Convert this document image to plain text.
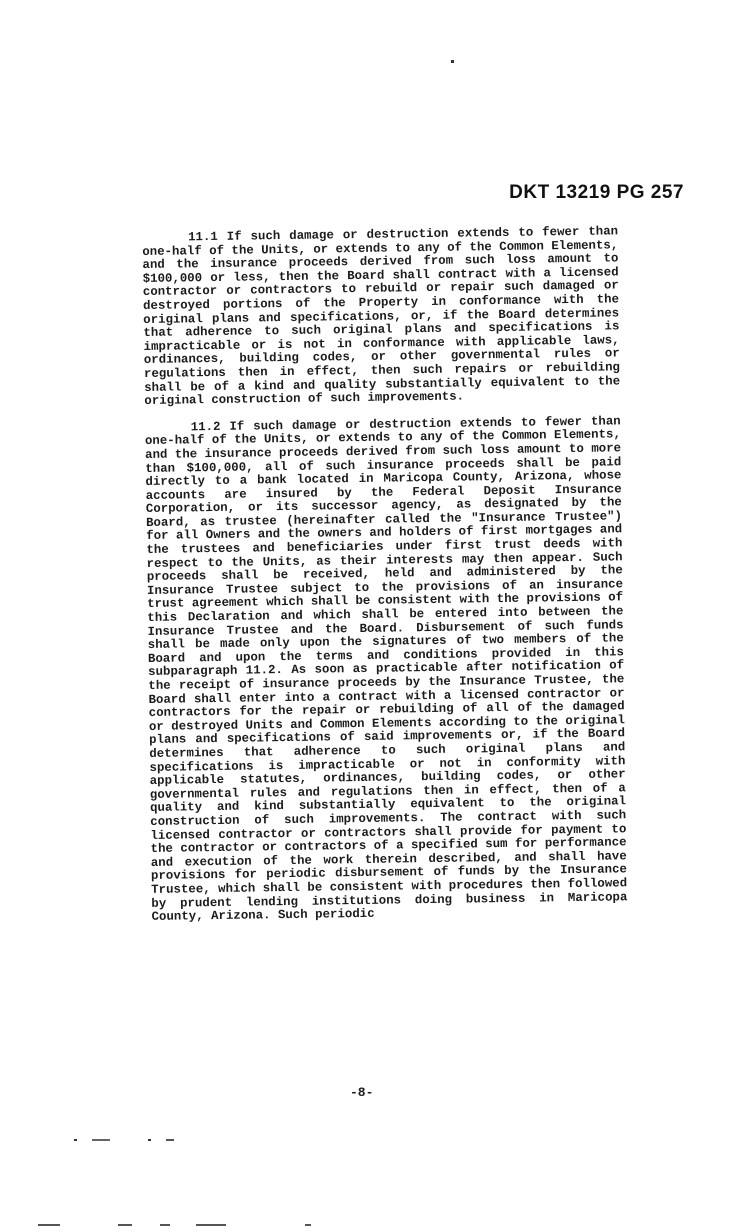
DKT 13219 PG 257

11.1 If such damage or destruction extends to fewer than one-half of the Units, or extends to any of the Common Elements, and the insurance proceeds derived from such loss amount to $100,000 or less, then the Board shall contract with a licensed contractor or contractors to rebuild or repair such damaged or destroyed portions of the Property in conformance with the original plans and specifications, or, if the Board determines that adherence to such original plans and specifications is impracticable or is not in conformance with applicable laws, ordinances, building codes, or other governmental rules or regulations then in effect, then such repairs or rebuilding shall be of a kind and quality substantially equivalent to the original construction of such improvements.

11.2 If such damage or destruction extends to fewer than one-half of the Units, or extends to any of the Common Elements, and the insurance proceeds derived from such loss amount to more than $100,000, all of such insurance proceeds shall be paid directly to a bank located in Maricopa County, Arizona, whose accounts are insured by the Federal Deposit Insurance Corporation, or its successor agency, as designated by the Board, as trustee (hereinafter called the "Insurance Trustee") for all Owners and the owners and holders of first mortgages and the trustees and beneficiaries under first trust deeds with respect to the Units, as their interests may then appear. Such proceeds shall be received, held and administered by the Insurance Trustee subject to the provisions of an insurance trust agreement which shall be consistent with the provisions of this Declaration and which shall be entered into between the Insurance Trustee and the Board. Disbursement of such funds shall be made only upon the signatures of two members of the Board and upon the terms and conditions provided in this subparagraph 11.2. As soon as practicable after notification of the receipt of insurance proceeds by the Insurance Trustee, the Board shall enter into a contract with a licensed contractor or contractors for the repair or rebuilding of all of the damaged or destroyed Units and Common Elements according to the original plans and specifications of said improvements or, if the Board determines that adherence to such original plans and specifications is impracticable or not in conformity with applicable statutes, ordinances, building codes, or other governmental rules and regulations then in effect, then of a quality and kind substantially equivalent to the original construction of such improvements. The contract with such licensed contractor or contractors shall provide for payment to the contractor or contractors of a specified sum for performance and execution of the work therein described, and shall have provisions for periodic disbursement of funds by the Insurance Trustee, which shall be consistent with procedures then followed by prudent lending institutions doing business in Maricopa County, Arizona. Such periodic

-8-
